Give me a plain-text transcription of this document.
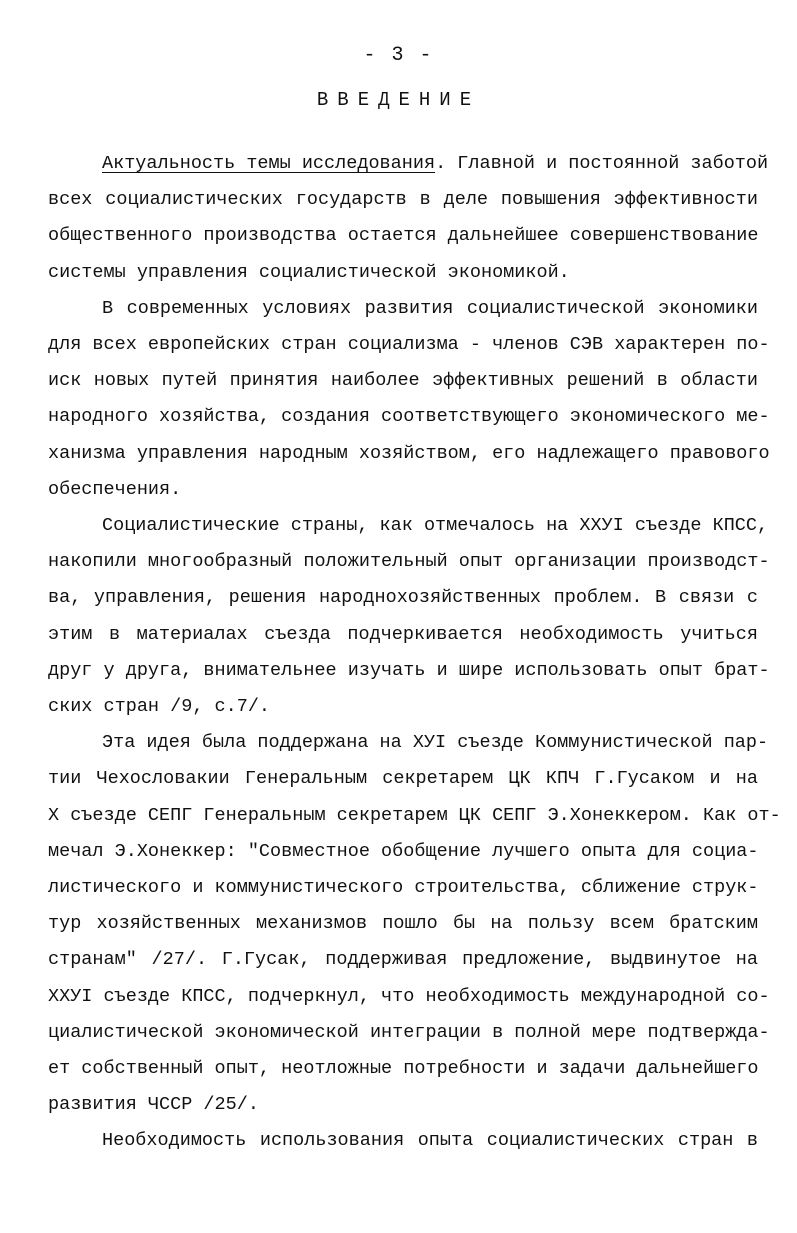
- 3 -
ВВЕДЕНИЕ
Актуальность темы исследования. Главной и постоянной заботой
всех социалистических государств в деле повышения эффективности
общественного производства остается дальнейшее совершенствование
системы управления социалистической экономикой.
В современных условиях развития социалистической экономики
для всех европейских стран социализма - членов СЭВ характерен по-
иск новых путей принятия наиболее эффективных решений в области
народного хозяйства, создания соответствующего экономического ме-
ханизма управления народным хозяйством, его надлежащего правового
обеспечения.
Социалистические страны, как отмечалось на ХХУI съезде КПСС,
накопили многообразный положительный опыт организации производст-
ва, управления, решения народнохозяйственных проблем. В связи с
этим в материалах съезда подчеркивается необходимость учиться
друг у друга, внимательнее изучать и шире использовать опыт брат-
ских стран /9, с.7/.
Эта идея была поддержана на ХУI съезде Коммунистической пар-
тии Чехословакии Генеральным секретарем ЦК КПЧ Г.Гусаком и на
Х съезде СЕПГ Генеральным секретарем ЦК СЕПГ Э.Хонеккером. Как от-
мечал Э.Хонеккер: "Совместное обобщение лучшего опыта для социа-
листического и коммунистического строительства, сближение струк-
тур хозяйственных механизмов пошло бы на пользу всем братским
странам" /27/. Г.Гусак, поддерживая предложение, выдвинутое на
ХХУI съезде КПСС, подчеркнул, что необходимость международной со-
циалистической экономической интеграции в полной мере подтвержда-
ет собственный опыт, неотложные потребности и задачи дальнейшего
развития ЧССР /25/.
Необходимость использования опыта социалистических стран в
